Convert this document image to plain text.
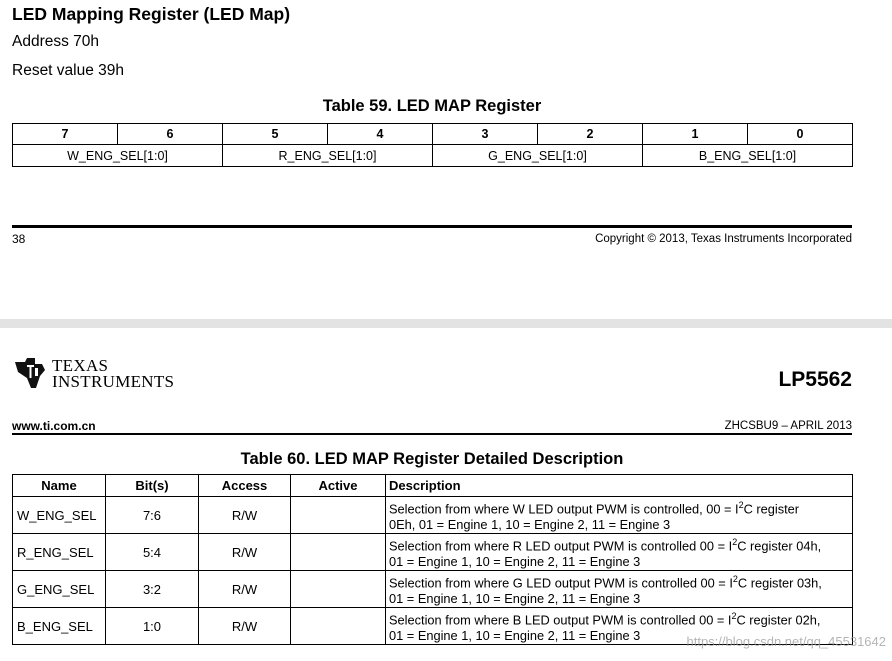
LED Mapping Register (LED Map)
Address 70h
Reset value 39h
Table 59. LED MAP Register
7	6	5	4	3	2	1	0
W_ENG_SEL[1:0]		R_ENG_SEL[1:0]		G_ENG_SEL[1:0]		B_ENG_SEL[1:0]	
38	Copyright © 2013, Texas Instruments Incorporated
TEXAS
INSTRUMENTS	LP5562
www.ti.com.cn	ZHCSBU9 – APRIL 2013
Table 60. LED MAP Register Detailed Description
Name	Bit(s)	Access	Active	Description
W_ENG_SEL	7:6	R/W		Selection from where W LED output PWM is controlled, $00 = I^2C$ register
0Eh, 01 = Engine 1, 10 = Engine 2, 11 = Engine 3
R_ENG_SEL	5:4	R/W		Selection from where R LED output PWM is controlled $00 = I^2C$ register 04h,
01 = Engine 1, 10 = Engine 2, 11 = Engine 3
G_ENG_SEL	3:2	R/W		Selection from where G LED output PWM is controlled $00 = I^2C$ register 03h,
01 = Engine 1, 10 = Engine 2, 11 = Engine 3
B_ENG_SEL	1:0	R/W		Selection from where B LED output PWM is controlled $00 = I^2C$ register 02h,
01 = Engine 1, 10 = Engine 2, 11 = Engine 3	https://blog.csdn.net/qq_45531642
